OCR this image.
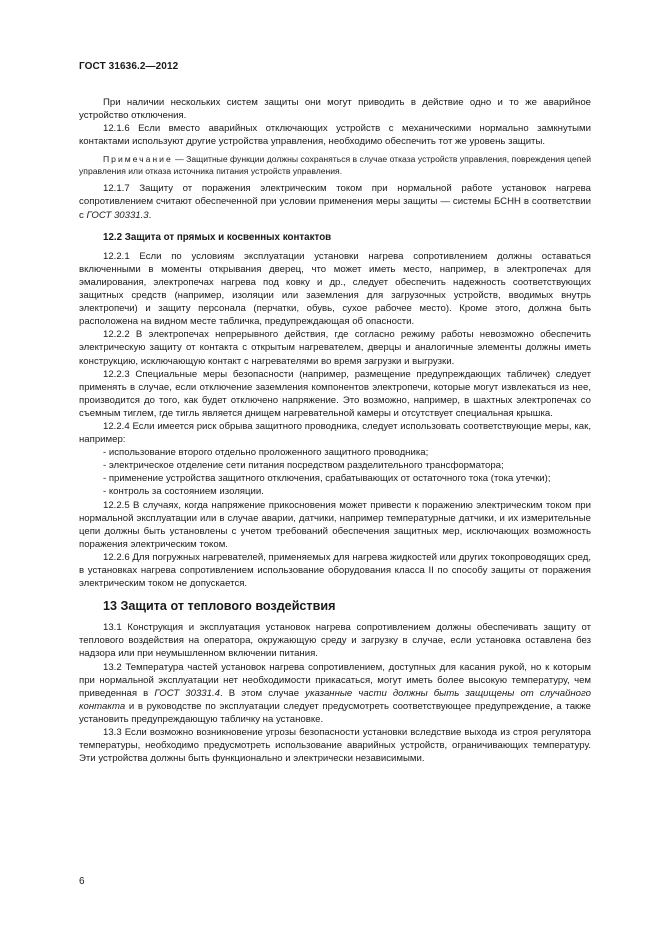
ГОСТ 31636.2—2012

При наличии нескольких систем защиты они могут приводить в действие одно и то же аварийное устройство отключения.

12.1.6 Если вместо аварийных отключающих устройств с механическими нормально замкнутыми контактами используют другие устройства управления, необходимо обеспечить тот же уровень защиты.

Примечание — Защитные функции должны сохраняться в случае отказа устройств управления, повреждения цепей управления или отказа источника питания устройств управления.

12.1.7 Защиту от поражения электрическим током при нормальной работе установок нагрева сопротивлением считают обеспеченной при условии применения меры защиты — системы БСНН в соответствии с ГОСТ 30331.3.

12.2 Защита от прямых и косвенных контактов

12.2.1 Если по условиям эксплуатации установки нагрева сопротивлением должны оставаться включенными в моменты открывания дверец, что может иметь место, например, в электропечах для эмалирования, электропечах нагрева под ковку и др., следует обеспечить надежность соответствующих защитных средств (например, изоляции или заземления для загрузочных устройств, вводимых внутрь электропечи) и защиту персонала (перчатки, обувь, сухое рабочее место). Кроме этого, должна быть расположена на видном месте табличка, предупреждающая об опасности.

12.2.2 В электропечах непрерывного действия, где согласно режиму работы невозможно обеспечить электрическую защиту от контакта с открытым нагревателем, дверцы и аналогичные элементы должны иметь конструкцию, исключающую контакт с нагревателями во время загрузки и выгрузки.

12.2.3 Специальные меры безопасности (например, размещение предупреждающих табличек) следует применять в случае, если отключение заземления компонентов электропечи, которые могут извлекаться из нее, производится до того, как будет отключено напряжение. Это возможно, например, в шахтных электропечах со съемным тиглем, где тигль является днищем нагревательной камеры и отсутствует специальная крышка.

12.2.4 Если имеется риск обрыва защитного проводника, следует использовать соответствующие меры, как, например:

- использование второго отдельно проложенного защитного проводника;
- электрическое отделение сети питания посредством разделительного трансформатора;
- применение устройства защитного отключения, срабатывающих от остаточного тока (тока утечки);
- контроль за состоянием изоляции.

12.2.5 В случаях, когда напряжение прикосновения может привести к поражению электрическим током при нормальной эксплуатации или в случае аварии, датчики, например температурные датчики, и их измерительные цепи должны быть установлены с учетом требований обеспечения защитных мер, исключающих возможность поражения электрическим током.

12.2.6 Для погружных нагревателей, применяемых для нагрева жидкостей или других токопроводящих сред, в установках нагрева сопротивлением использование оборудования класса II по способу защиты от поражения электрическим током не допускается.

13 Защита от теплового воздействия

13.1 Конструкция и эксплуатация установок нагрева сопротивлением должны обеспечивать защиту от теплового воздействия на оператора, окружающую среду и загрузку в случае, если установка оставлена без надзора или при неумышленном включении питания.

13.2 Температура частей установок нагрева сопротивлением, доступных для касания рукой, но к которым при нормальной эксплуатации нет необходимости прикасаться, могут иметь более высокую температуру, чем приведенная в ГОСТ 30331.4. В этом случае указанные части должны быть защищены от случайного контакта и в руководстве по эксплуатации следует предусмотреть соответствующее предупреждение, а также установить предупреждающую табличку на установке.

13.3 Если возможно возникновение угрозы безопасности установки вследствие выхода из строя регулятора температуры, необходимо предусмотреть использование аварийных устройств, ограничивающих температуру. Эти устройства должны быть функционально и электрически независимыми.

6
